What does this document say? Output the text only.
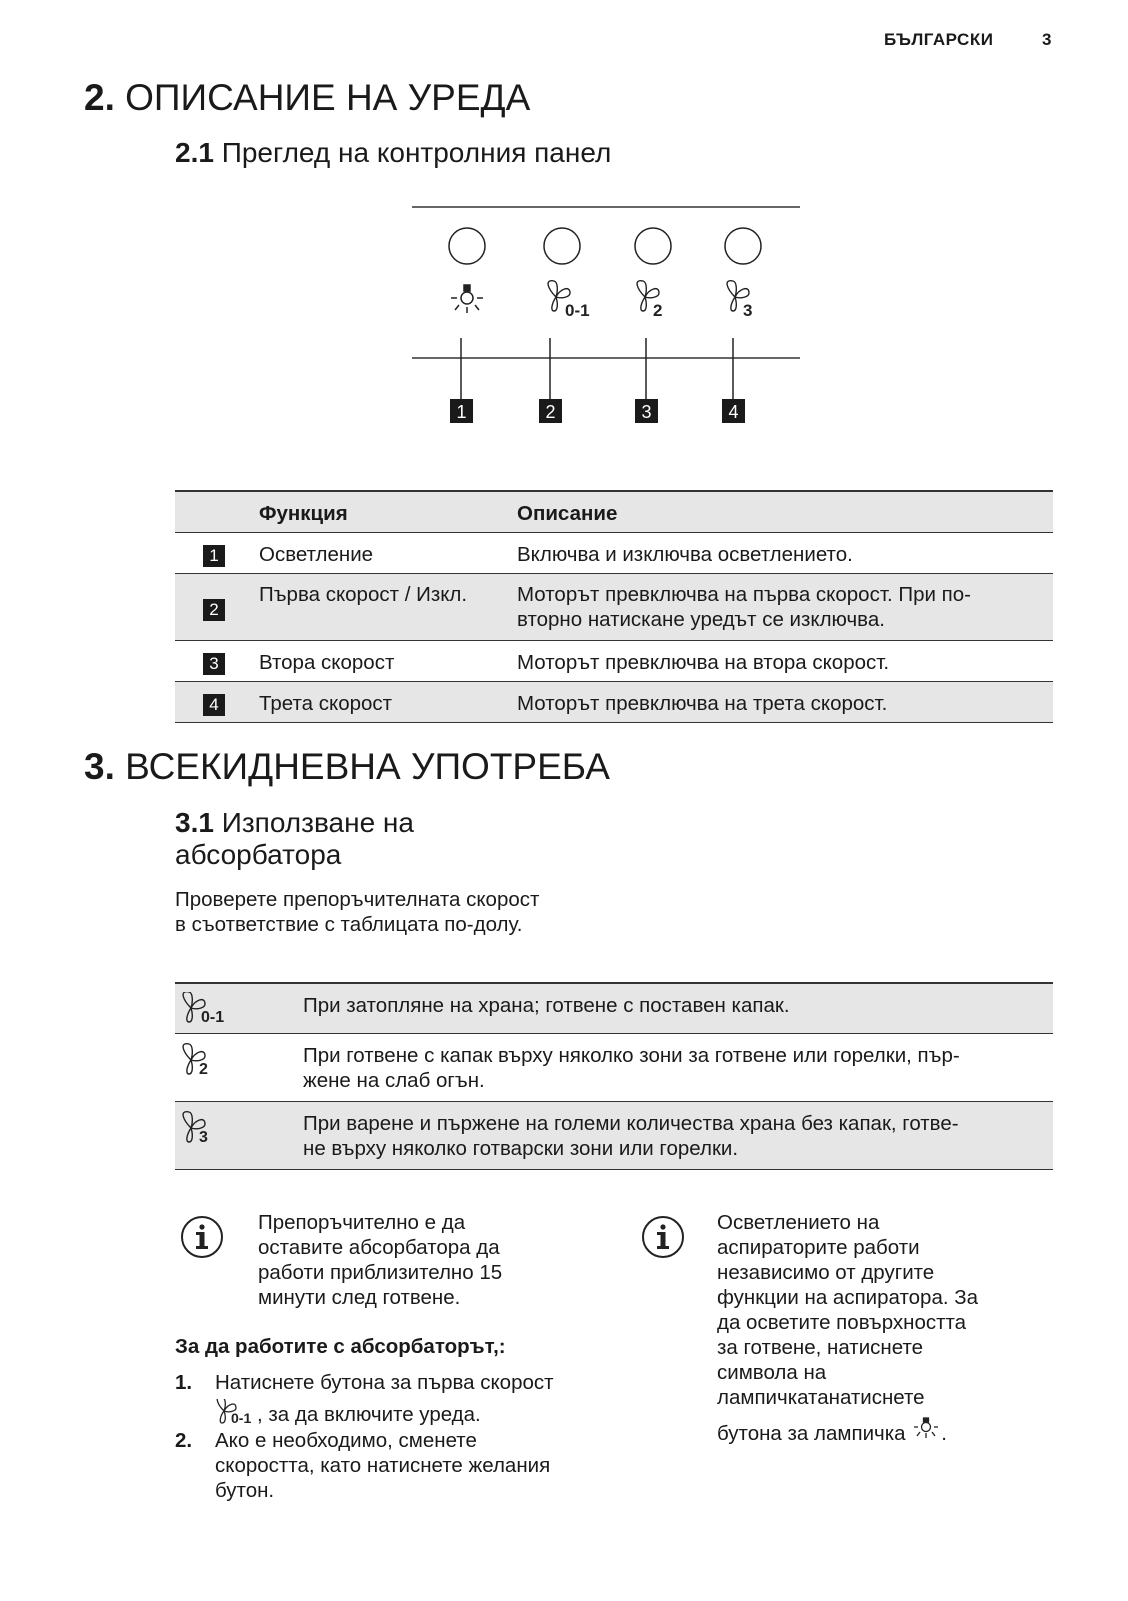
БЪЛГАРСКИ	3
2. ОПИСАНИЕ НА УРЕДА
2.1 Преглед на контролния панел
0-1	2	3
1	2	3	4
	Функция	Описание
1	Осветление	Включва и изключва осветлението.
2	Първа скорост / Изкл.	Моторът превключва на първа скорост. При по-
вторно натискане уредът се изключва.

3	Втора скорост	Моторът превключва на втора скорост.
4	Трета скорост	Моторът превключва на трета скорост.
3. ВСЕКИДНЕВНА УПОТРЕБА
3.1 Използване на
абсорбатора
Проверете препоръчителната скорост
в съответствие с таблицата по-долу.
0-1	При затопляне на храна; готвене с поставен капак.

2	При готвене с капак върху няколко зони за готвене или горелки, пър-
жене на слаб огън.

3	При варене и пържене на големи количества храна без капак, готве-
не върху няколко готварски зони или горелки.
Препоръчително е да
оставите абсорбатора да
работи приблизително 15
минути след готвене.
За да работите с абсорбаторът,:
1. Натиснете бутона за първа скорост
0-1 , за да включите уреда.
2. Ако е необходимо, сменете
скоростта, като натиснете желания
бутон.
Осветлението на
аспираторите работи
независимо от другите
функции на аспиратора. За
да осветите повърхността
за готвене, натиснете
символа на
лампичкатанатиснете
бутона за лампичка .
